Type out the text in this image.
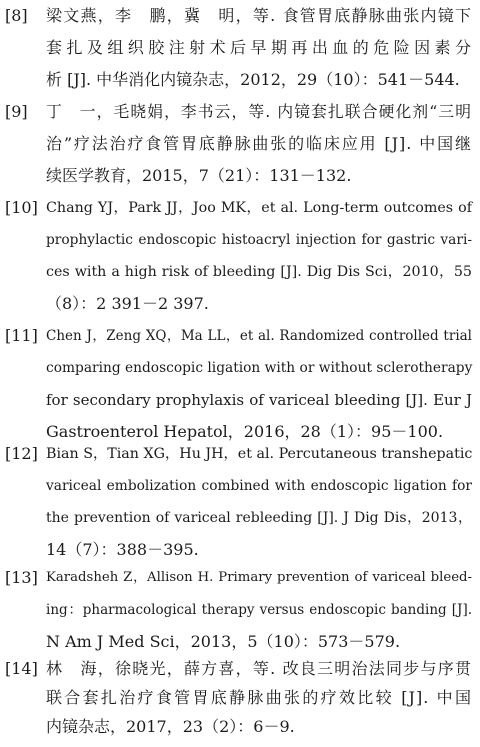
[8] 梁文燕，李　鹏，冀　明，等. 食管胃底静脉曲张内镜下
套扎及组织胶注射术后早期再出血的危险因素分
析 [J]. 中华消化内镜杂志，2012，29（10）：541－544.
[9] 丁　一，毛晓娟，李书云，等. 内镜套扎联合硬化剂“三明
治”疗法治疗食管胃底静脉曲张的临床应用 [J]. 中国继
续医学教育，2015，7（21）：131－132.
[10] Chang YJ，Park JJ，Joo MK，et al. Long-term outcomes of
prophylactic endoscopic histoacryl injection for gastric vari-
ces with a high risk of bleeding [J]. Dig Dis Sci，2010，55
（8）：2 391－2 397.
[11] Chen J，Zeng XQ，Ma LL，et al. Randomized controlled trial
comparing endoscopic ligation with or without sclerotherapy
for secondary prophylaxis of variceal bleeding [J]. Eur J
Gastroenterol Hepatol，2016，28（1）：95－100.
[12] Bian S，Tian XG，Hu JH，et al. Percutaneous transhepatic
variceal embolization combined with endoscopic ligation for
the prevention of variceal rebleeding [J]. J Dig Dis，2013，
14（7）：388－395.
[13] Karadsheh Z，Allison H. Primary prevention of variceal bleed-
ing：pharmacological therapy versus endoscopic banding [J].
N Am J Med Sci，2013，5（10）：573－579.
[14] 林　海，徐晓光，薛方喜，等. 改良三明治法同步与序贯
联合套扎治疗食管胃底静脉曲张的疗效比较 [J]. 中国
内镜杂志，2017，23（2）：6－9.
